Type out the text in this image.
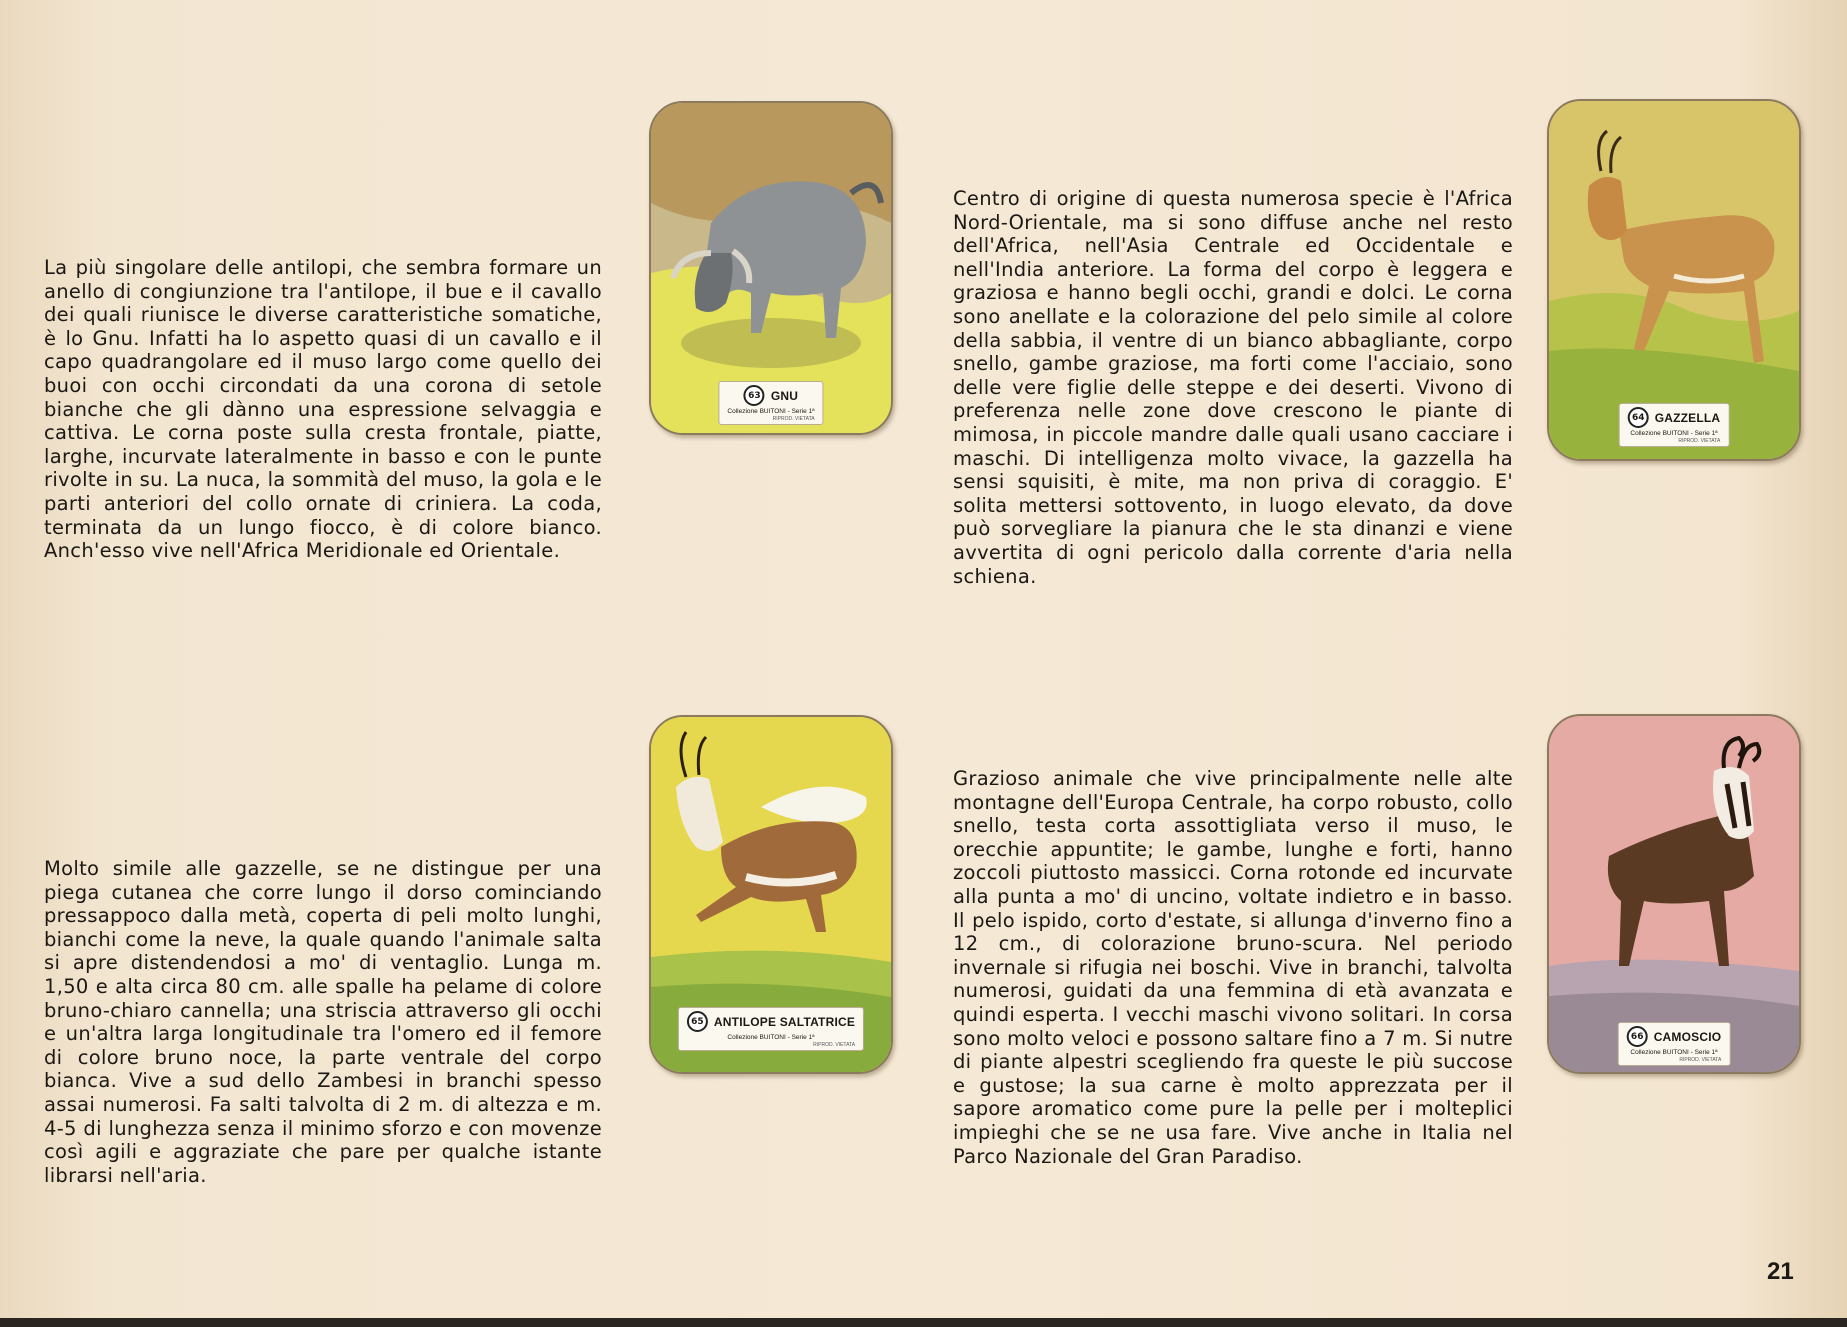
La più singolare delle antilopi, che sembra formare un anello di congiunzione tra l'antilope, il bue e il cavallo dei quali riunisce le diverse caratteristiche somatiche, è lo Gnu. Infatti ha lo aspetto quasi di un cavallo e il capo quadrangolare ed il muso largo come quello dei buoi con occhi circondati da una corona di setole bianche che gli dànno una espressione selvaggia e cattiva. Le corna poste sulla cresta frontale, piatte, larghe, incurvate lateralmente in basso e con le punte rivolte in su. La nuca, la sommità del muso, la gola e le parti anteriori del collo ornate di criniera. La coda, terminata da un lungo fiocco, è di colore bianco. Anch'esso vive nell'Africa Meridionale ed Orientale.

Centro di origine di questa numerosa specie è l'Africa Nord-Orientale, ma si sono diffuse anche nel resto dell'Africa, nell'Asia Centrale ed Occidentale e nell'India anteriore. La forma del corpo è leggera e graziosa e hanno begli occhi, grandi e dolci. Le corna sono anellate e la colorazione del pelo simile al colore della sabbia, il ventre di un bianco abbagliante, corpo snello, gambe graziose, ma forti come l'acciaio, sono delle vere figlie delle steppe e dei deserti. Vivono di preferenza nelle zone dove crescono le piante di mimosa, in piccole mandre dalle quali usano cacciare i maschi. Di intelligenza molto vivace, la gazzella ha sensi squisiti, è mite, ma non priva di coraggio. E' solita mettersi sottovento, in luogo elevato, da dove può sorvegliare la pianura che le sta dinanzi e viene avvertita di ogni pericolo dalla corrente d'aria nella schiena.

Molto simile alle gazzelle, se ne distingue per una piega cutanea che corre lungo il dorso cominciando pressappoco dalla metà, coperta di peli molto lunghi, bianchi come la neve, la quale quando l'animale salta si apre distendendosi a mo' di ventaglio. Lunga m. 1,50 e alta circa 80 cm. alle spalle ha pelame di colore bruno-chiaro cannella; una striscia attraverso gli occhi e un'altra larga longitudinale tra l'omero ed il femore di colore bruno noce, la parte ventrale del corpo bianca. Vive a sud dello Zambesi in branchi spesso assai numerosi. Fa salti talvolta di 2 m. di altezza e m. 4-5 di lunghezza senza il minimo sforzo e con movenze così agili e aggraziate che pare per qualche istante librarsi nell'aria.

Grazioso animale che vive principalmente nelle alte montagne dell'Europa Centrale, ha corpo robusto, collo snello, testa corta assottigliata verso il muso, le orecchie appuntite; le gambe, lunghe e forti, hanno zoccoli piuttosto massicci. Corna rotonde ed incurvate alla punta a mo' di uncino, voltate indietro e in basso. Il pelo ispido, corto d'estate, si allunga d'inverno fino a 12 cm., di colorazione bruno-scura. Nel periodo invernale si rifugia nei boschi. Vive in branchi, talvolta numerosi, guidati da una femmina di età avanzata e quindi esperta. I vecchi maschi vivono solitari. In corsa sono molto veloci e possono saltare fino a 7 m. Si nutre di piante alpestri scegliendo fra queste le più succose e gustose; la sua carne è molto apprezzata per il sapore aromatico come pure la pelle per i molteplici impieghi che se ne usa fare. Vive anche in Italia nel Parco Nazionale del Gran Paradiso.

63 GNU
Collezione BUITONI - Serie 1ª
RIPROD. VIETATA	64 GAZZELLA
Collezione BUITONI - Serie 1ª
RIPROD. VIETATA
65 ANTILOPE SALTATRICE
Collezione BUITONI - Serie 1ª
RIPROD. VIETATA
66 CAMOSCIO
Collezione BUITONI - Serie 1ª
RIPROD. VIETATA
21
